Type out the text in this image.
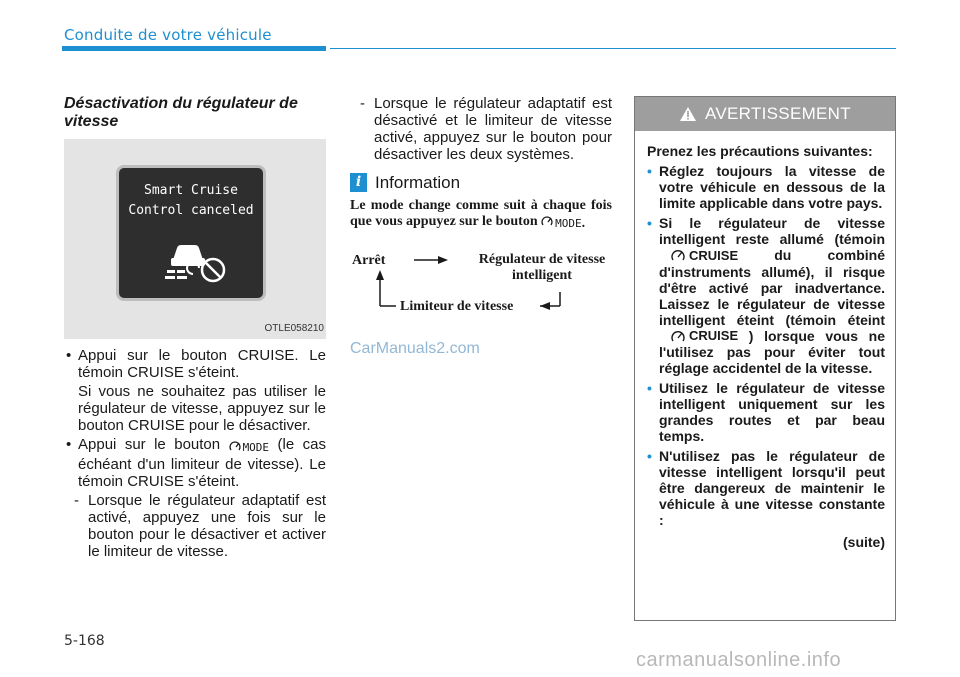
Conduite de votre véhicule
Désactivation du régulateur de vitesse
Smart Cruise
Control canceled
OTLE058210
• Appui sur le bouton CRUISE. Le témoin CRUISE s'éteint.
Si vous ne souhaitez pas utiliser le régulateur de vitesse, appuyez sur le bouton CRUISE pour le désactiver.
• Appui sur le bouton MODE (le cas échéant d'un limiteur de vitesse). Le témoin CRUISE s'éteint.
- Lorsque le régulateur adaptatif est activé, appuyez une fois sur le bouton pour le désactiver et activer le limiteur de vitesse.
- Lorsque le régulateur adaptatif est désactivé et le limiteur de vitesse activé, appuyez sur le bouton pour désactiver les deux systèmes.
i Information
Le mode change comme suit à chaque fois que vous appuyez sur le bouton MODE.
Arrêt	Régulateur de vitesse
intelligent
Limiteur de vitesse
AVERTISSEMENT

Prenez les précautions suivantes:

• Réglez toujours la vitesse de votre véhicule en dessous de la limite applicable dans votre pays.
• Si le régulateur de vitesse intelligent reste allumé (témoin
CRUISE	du combiné d'instruments allumé), il risque d'être activé par inadvertance. Laissez le régulateur de vitesse intelligent éteint (témoin éteint
CRUISE ) lorsque vous ne l'utilisez pas pour éviter tout réglage accidentel de la vitesse.
• Utilisez le régulateur de vitesse intelligent uniquement sur les grandes routes et par beau temps.
• N'utilisez pas le régulateur de vitesse intelligent lorsqu'il peut être dangereux de maintenir le véhicule à une vitesse constante :
(suite)
5-168
CarManuals2.com
carmanualsonline.info
